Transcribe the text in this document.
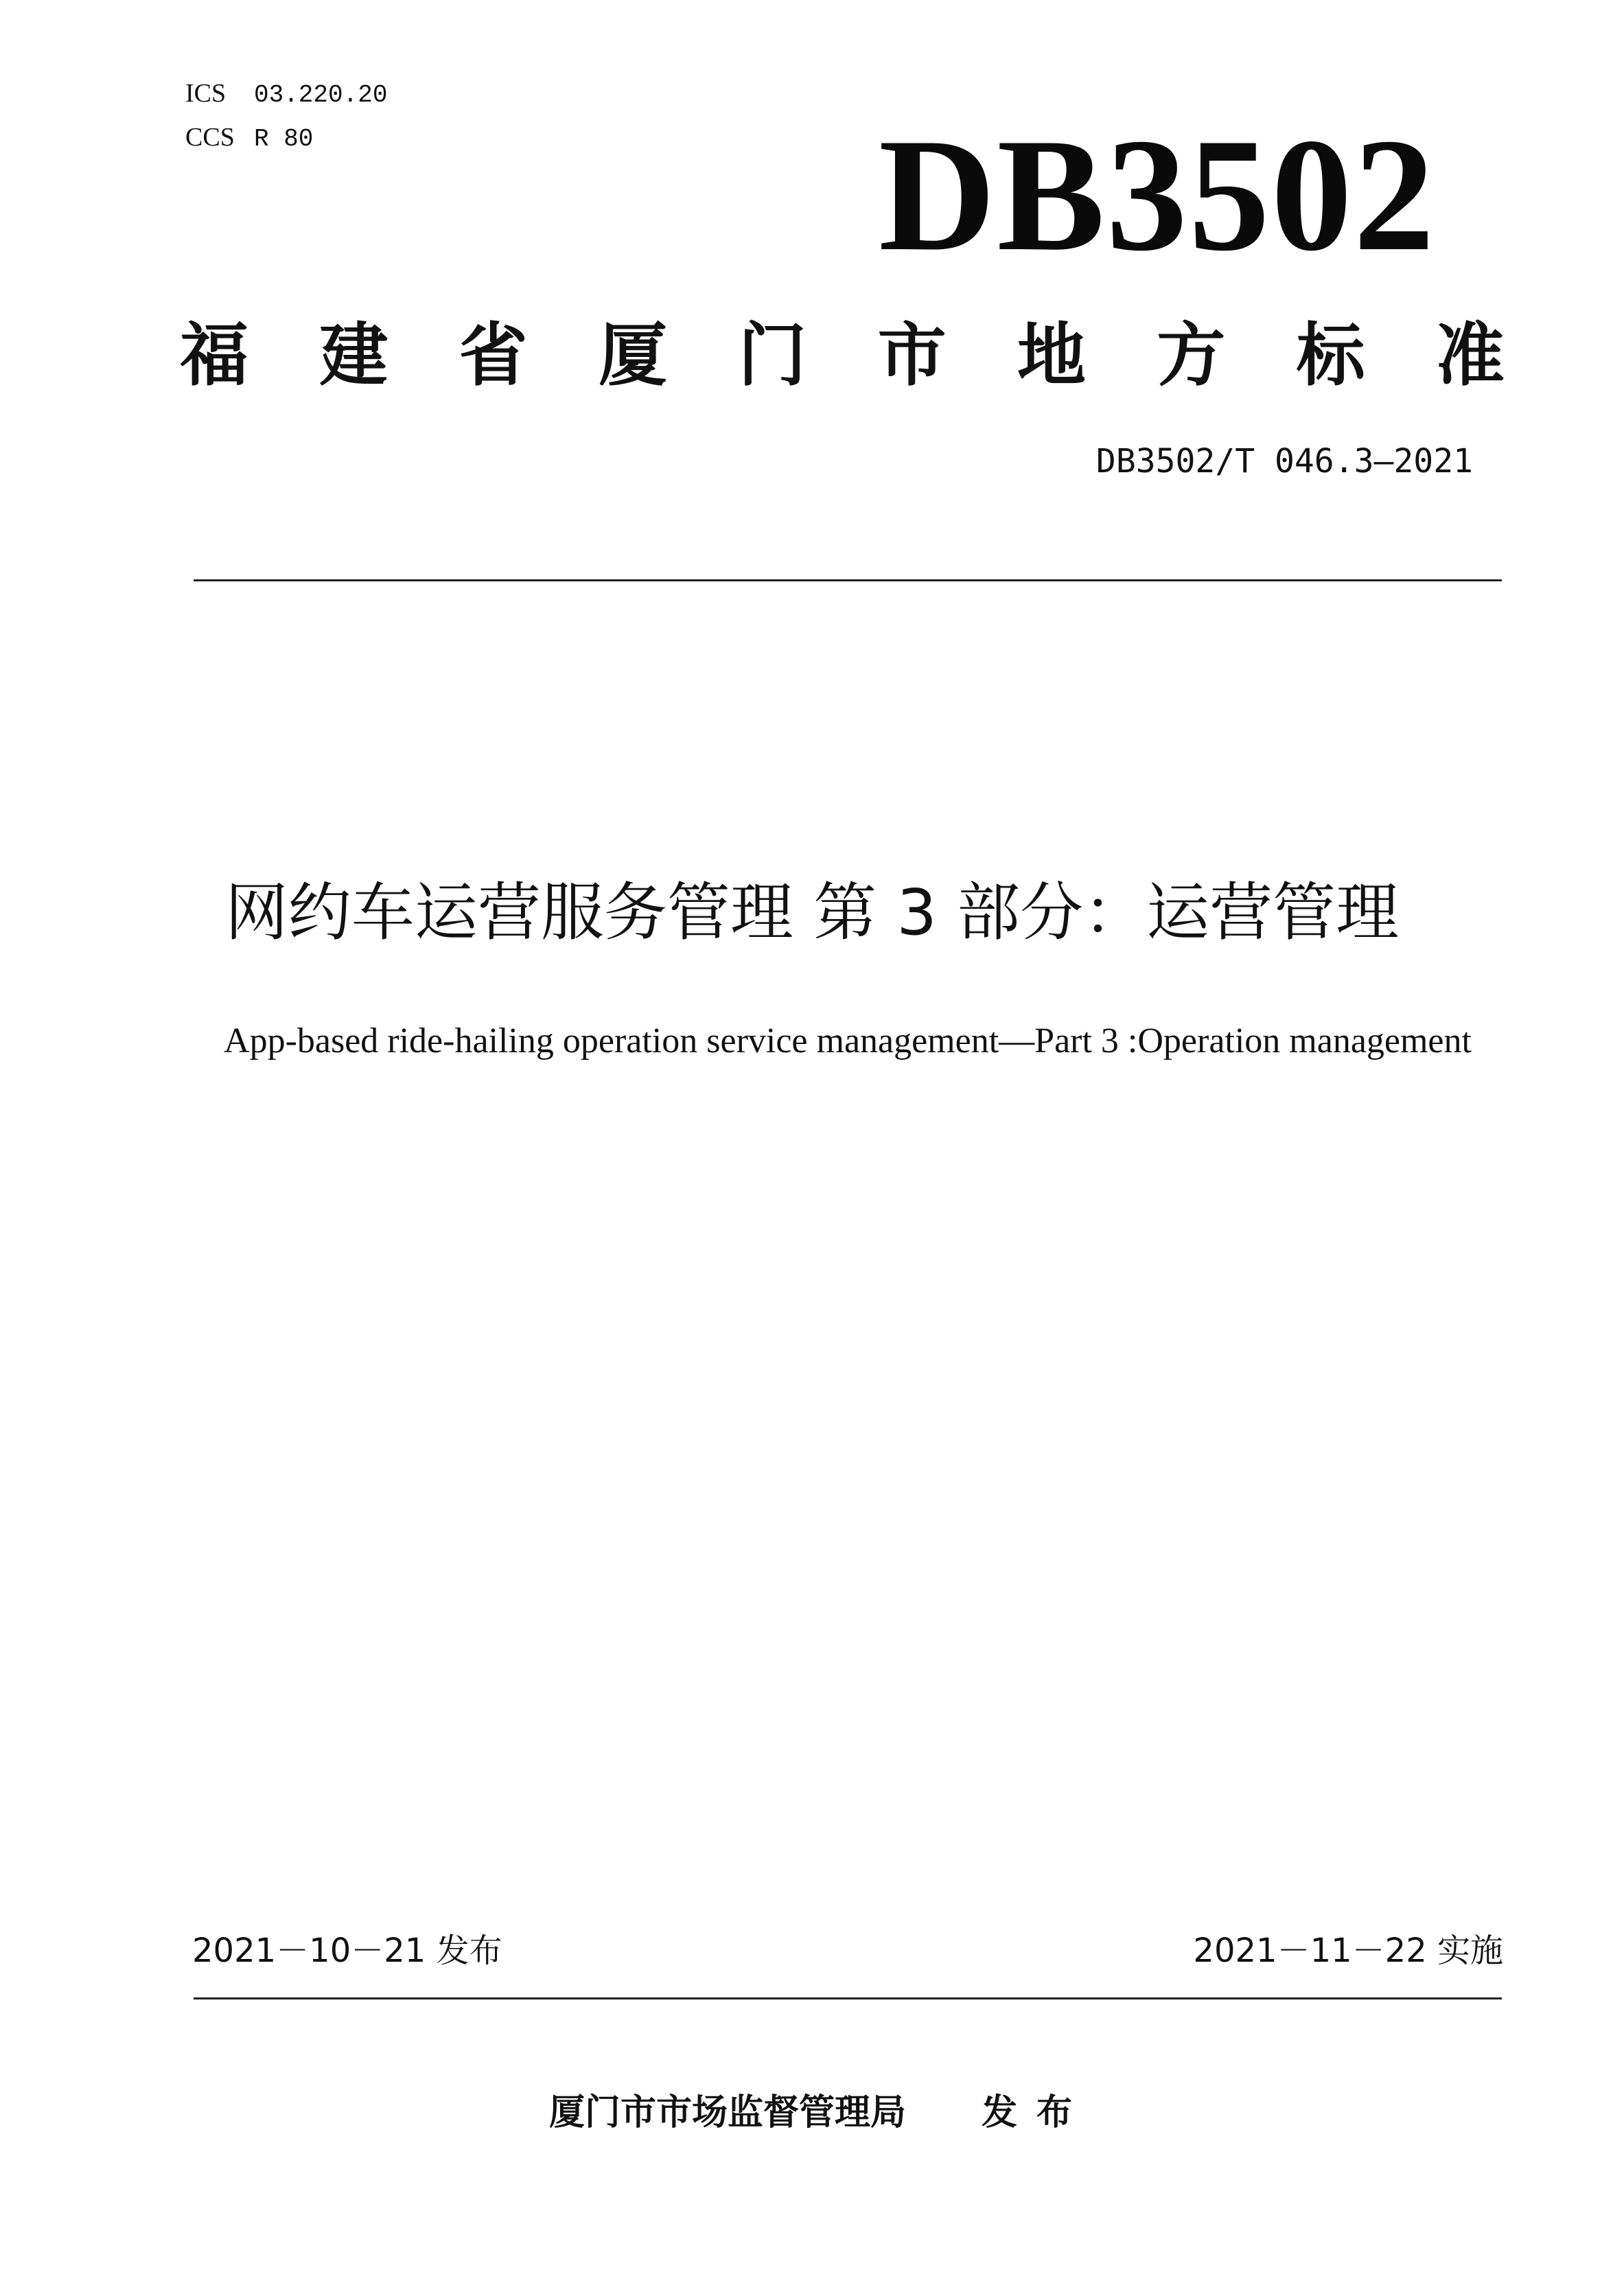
ICS 03.220.20
CCS R 80	DB3502
福 建 省 厦 门 市 地 方 标 准
DB3502/T 046.3—2021
网约车运营服务管理 第 3 部分：运营管理
App-based ride-hailing operation service management—Part 3 :Operation management
2021－10－21 发布	2021－11－22 实施
厦门市市场监督管理局 发布
